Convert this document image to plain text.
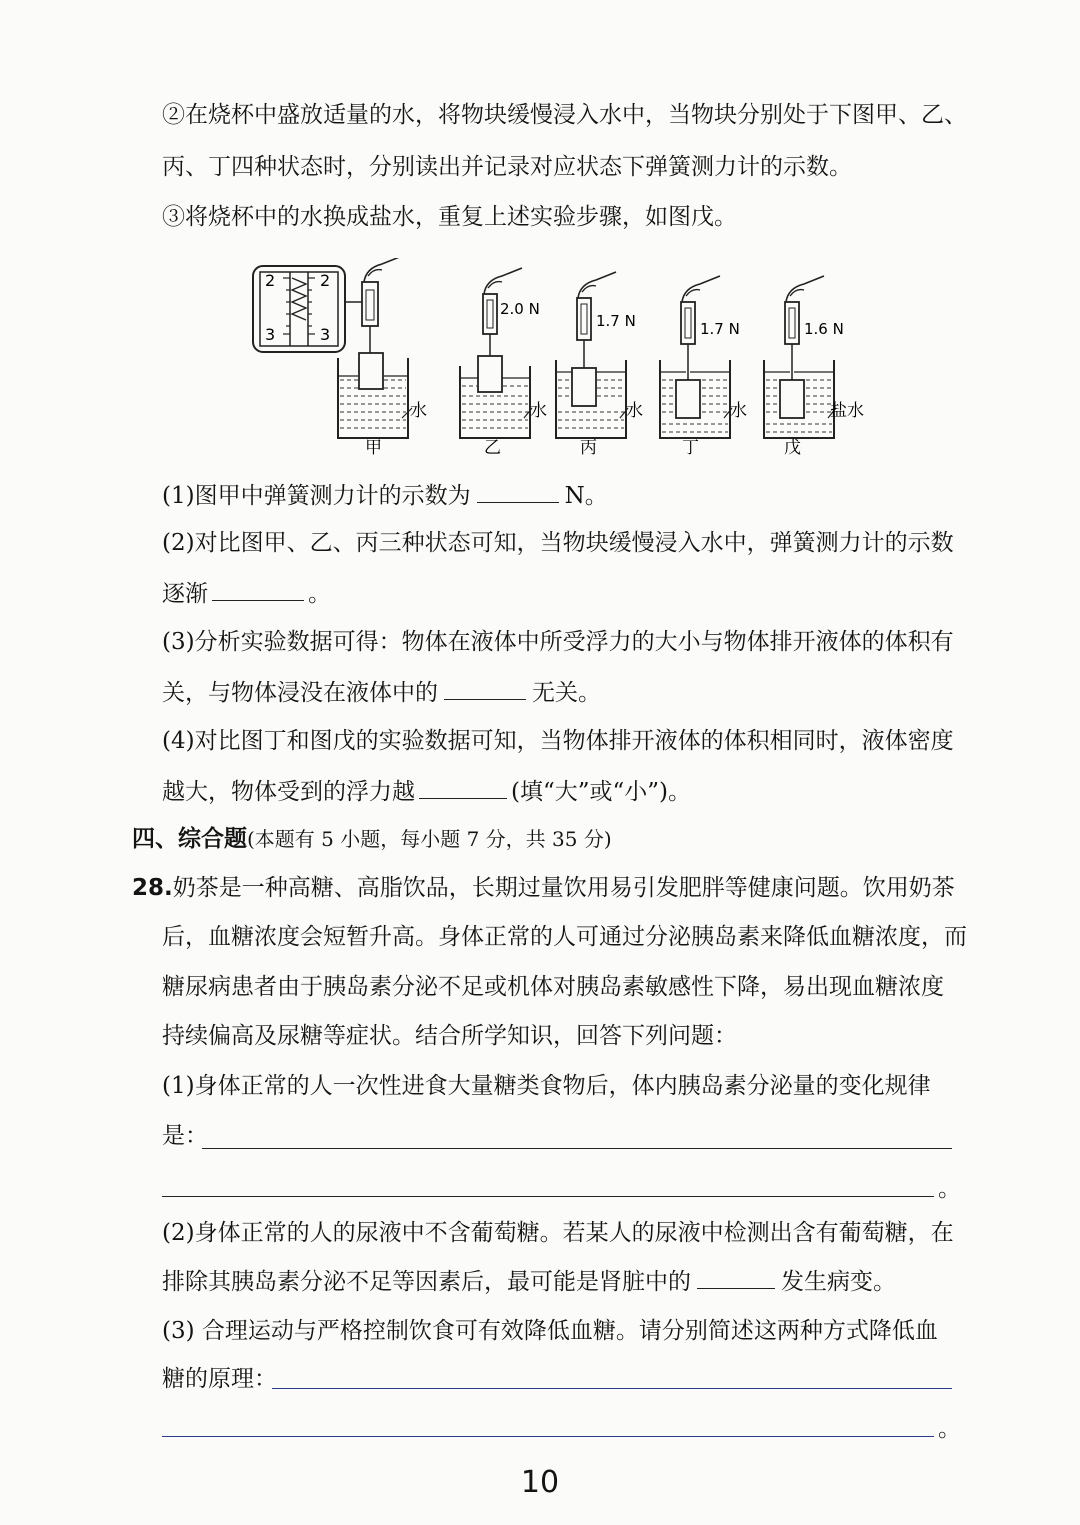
②在烧杯中盛放适量的水，将物块缓慢浸入水中，当物块分别处于下图甲、乙、
丙、丁四种状态时，分别读出并记录对应状态下弹簧测力计的示数。
③将烧杯中的水换成盐水，重复上述实验步骤，如图戊。
2	2
3	3
水
甲
2.0 N
水
乙
1.7 N
水
丙
1.7 N
水
丁
1.6 N
盐水
戊
(1)图甲中弹簧测力计的示数为	N。
(2)对比图甲、乙、丙三种状态可知，当物块缓慢浸入水中，弹簧测力计的示数
逐渐	。
(3)分析实验数据可得：物体在液体中所受浮力的大小与物体排开液体的体积有
关，与物体浸没在液体中的	无关。
(4)对比图丁和图戊的实验数据可知，当物体排开液体的体积相同时，液体密度
越大，物体受到的浮力越	(填“大”或“小”)。
四、综合题(本题有 5 小题，每小题 7 分，共 35 分)
28.奶茶是一种高糖、高脂饮品，长期过量饮用易引发肥胖等健康问题。饮用奶茶
后，血糖浓度会短暂升高。身体正常的人可通过分泌胰岛素来降低血糖浓度，而
糖尿病患者由于胰岛素分泌不足或机体对胰岛素敏感性下降，易出现血糖浓度
持续偏高及尿糖等症状。结合所学知识，回答下列问题：
(1)身体正常的人一次性进食大量糖类食物后，体内胰岛素分泌量的变化规律
是：
。
(2)身体正常的人的尿液中不含葡萄糖。若某人的尿液中检测出含有葡萄糖，在
排除其胰岛素分泌不足等因素后，最可能是肾脏中的	发生病变。
(3) 合理运动与严格控制饮食可有效降低血糖。请分别简述这两种方式降低血
糖的原理：
。
10
